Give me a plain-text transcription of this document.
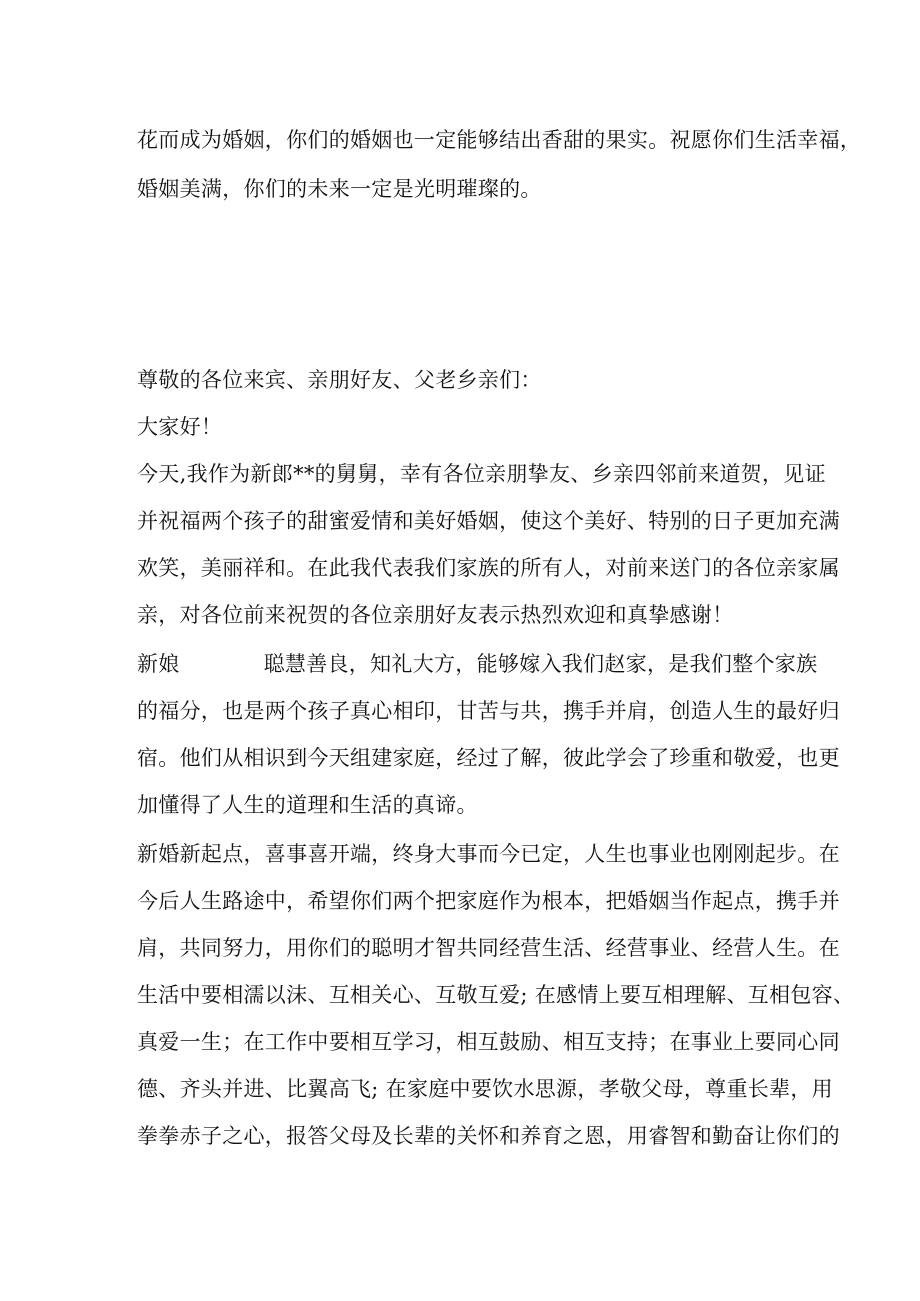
花而成为婚姻，你们的婚姻也一定能够结出香甜的果实。祝愿你们生活幸福，
婚姻美满，你们的未来一定是光明璀璨的。
尊敬的各位来宾、亲朋好友、父老乡亲们：
大家好！
今天,我作为新郎**的舅舅，幸有各位亲朋挚友、乡亲四邻前来道贺，见证
并祝福两个孩子的甜蜜爱情和美好婚姻，使这个美好、特别的日子更加充满
欢笑，美丽祥和。在此我代表我们家族的所有人，对前来送门的各位亲家属
亲，对各位前来祝贺的各位亲朋好友表示热烈欢迎和真挚感谢！
新娘	聪慧善良，知礼大方，能够嫁入我们赵家，是我们整个家族
的福分，也是两个孩子真心相印，甘苦与共，携手并肩，创造人生的最好归
宿。他们从相识到今天组建家庭，经过了解，彼此学会了珍重和敬爱，也更
加懂得了人生的道理和生活的真谛。
新婚新起点，喜事喜开端，终身大事而今已定，人生也事业也刚刚起步。在
今后人生路途中，希望你们两个把家庭作为根本，把婚姻当作起点，携手并
肩，共同努力，用你们的聪明才智共同经营生活、经营事业、经营人生。在
生活中要相濡以沫、互相关心、互敬互爱; 在感情上要互相理解、互相包容、
真爱一生；在工作中要相互学习，相互鼓励、相互支持；在事业上要同心同
德、齐头并进、比翼高飞; 在家庭中要饮水思源，孝敬父母，尊重长辈，用
拳拳赤子之心，报答父母及长辈的关怀和养育之恩，用睿智和勤奋让你们的
